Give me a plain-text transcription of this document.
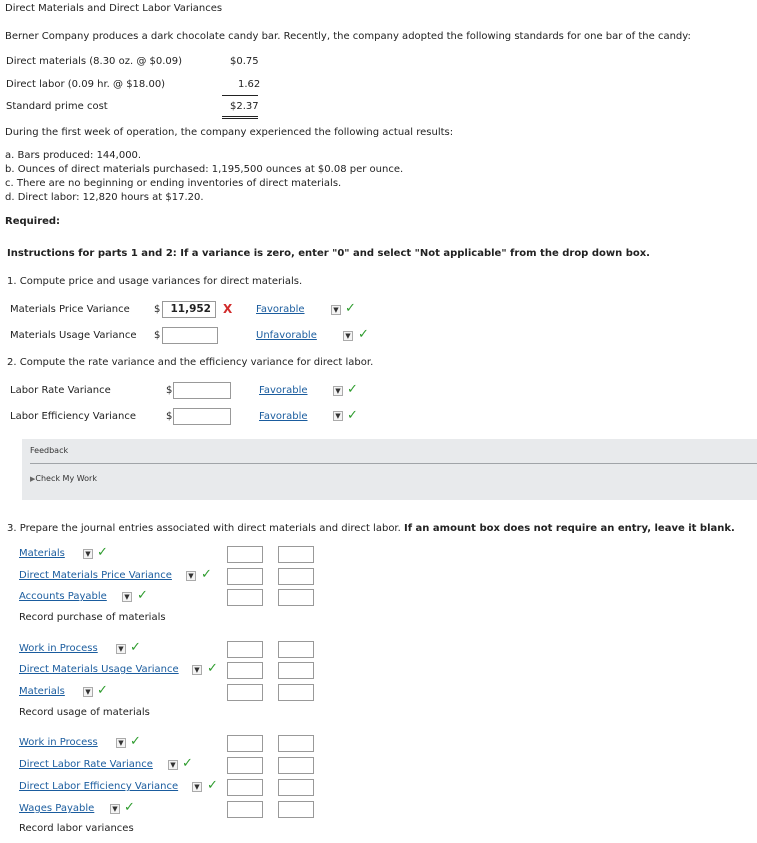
Direct Materials and Direct Labor Variances
Berner Company produces a dark chocolate candy bar. Recently, the company adopted the following standards for one bar of the candy:
Direct materials (8.30 oz. @ $0.09)	$0.75
Direct labor (0.09 hr. @ $18.00)	1.62
Standard prime cost	$2.37
During the first week of operation, the company experienced the following actual results:
a. Bars produced: 144,000.
b. Ounces of direct materials purchased: 1,195,500 ounces at $0.08 per ounce.
c. There are no beginning or ending inventories of direct materials.
d. Direct labor: 12,820 hours at $17.20.
Required:
Instructions for parts 1 and 2: If a variance is zero, enter "0" and select "Not applicable" from the drop down box.
1. Compute price and usage variances for direct materials.
Materials Price Variance $ 11,952	X Favorable	▼ ✓
Materials Usage Variance $	Unfavorable	▼ ✓
2. Compute the rate variance and the efficiency variance for direct labor.
Labor Rate Variance	$	Favorable	▼ ✓
Labor Efficiency Variance	$	Favorable	▼ ✓
Feedback
▶Check My Work
3. Prepare the journal entries associated with direct materials and direct labor. If an amount box does not require an entry, leave it blank.
Materials	▼ ✓
Direct Materials Price Variance	▼ ✓
Accounts Payable	▼ ✓
Record purchase of materials
Work in Process	▼ ✓
Direct Materials Usage Variance	▼ ✓
Materials	▼ ✓
Record usage of materials
Work in Process	▼ ✓
Direct Labor Rate Variance	▼ ✓
Direct Labor Efficiency Variance	▼ ✓
Wages Payable	▼ ✓
Record labor variances
